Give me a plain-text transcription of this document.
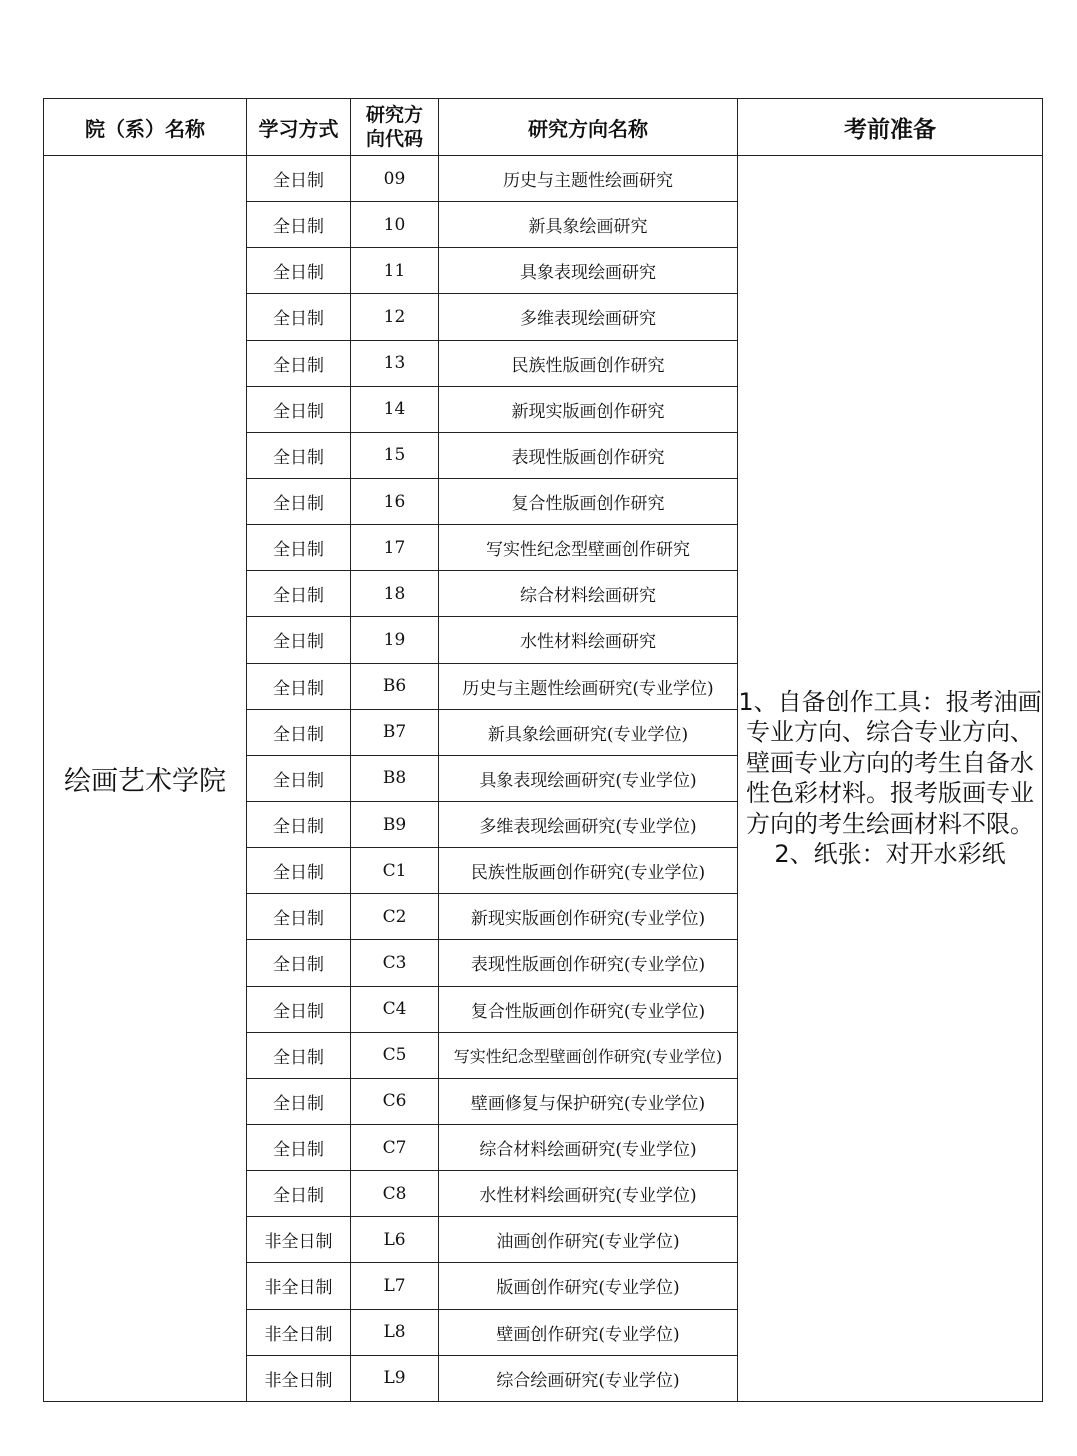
院（系）名称	学习方式	研究方向代码	研究方向名称	考前准备
绘画艺术学院	全日制	09	历史与主题性绘画研究	1、自备创作工具：报考油画专业方向、综合专业方向、壁画专业方向的考生自备水性色彩材料。报考版画专业方向的考生绘画材料不限。
2、纸张：对开水彩纸
	全日制	10	新具象绘画研究	
	全日制	11	具象表现绘画研究	
	全日制	12	多维表现绘画研究	
	全日制	13	民族性版画创作研究	
	全日制	14	新现实版画创作研究	
	全日制	15	表现性版画创作研究	
	全日制	16	复合性版画创作研究	
	全日制	17	写实性纪念型壁画创作研究	
	全日制	18	综合材料绘画研究	
	全日制	19	水性材料绘画研究	
	全日制	B6	历史与主题性绘画研究(专业学位)	
	全日制	B7	新具象绘画研究(专业学位)	
	全日制	B8	具象表现绘画研究(专业学位)	
	全日制	B9	多维表现绘画研究(专业学位)	
	全日制	C1	民族性版画创作研究(专业学位)	
	全日制	C2	新现实版画创作研究(专业学位)	
	全日制	C3	表现性版画创作研究(专业学位)	
	全日制	C4	复合性版画创作研究(专业学位)	
	全日制	C5	写实性纪念型壁画创作研究(专业学位)	
	全日制	C6	壁画修复与保护研究(专业学位)	
	全日制	C7	综合材料绘画研究(专业学位)	
	全日制	C8	水性材料绘画研究(专业学位)	
	非全日制	L6	油画创作研究(专业学位)	
	非全日制	L7	版画创作研究(专业学位)	
	非全日制	L8	壁画创作研究(专业学位)	
	非全日制	L9	综合绘画研究(专业学位)	
